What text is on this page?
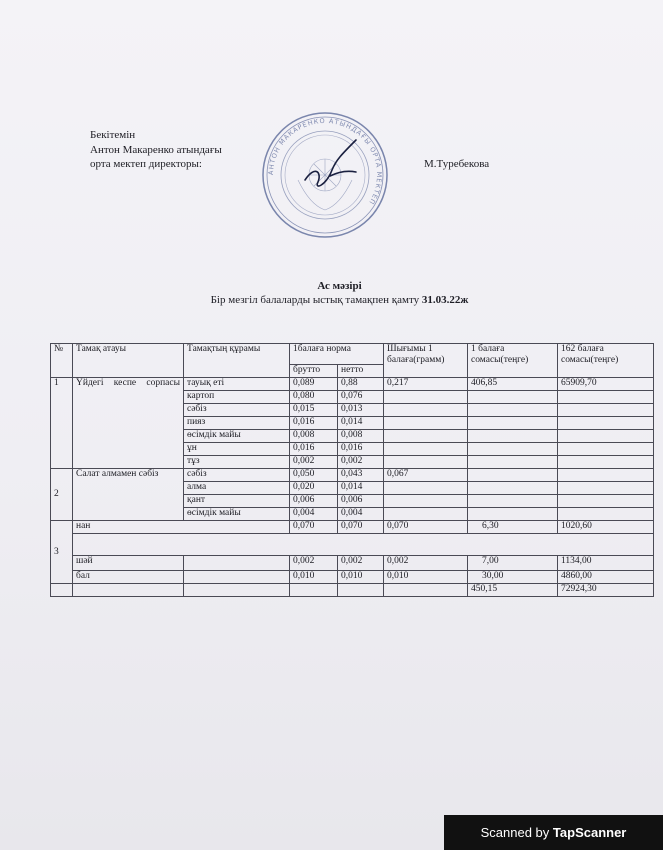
Бекітемін
Антон Макаренко атындағы
орта мектеп директоры:	М.Туребекова
АНТОН МАКАРЕНКО АТЫНДАҒЫ ОРТА МЕКТЕП
Ас мәзірі
Бір мезгіл балаларды ыстық тамақпен қамту 31.03.22ж
№	Тамақ атауы	Тамақтың құрамы	1балаға норма		Шығымы 1 балаға(грамм)	1 балаға сомасы(теңге)	162 балаға сомасы(теңге)
			брутто	нетто			
1	Үйдегі кеспе сорпасы	тауық еті	0,089	0,88	0,217	406,85	65909,70
		картоп	0,080	0,076			
		сәбіз	0,015	0,013			
		пияз	0,016	0,014			
		өсімдік майы	0,008	0,008			
		ұн	0,016	0,016			
		тұз	0,002	0,002			
2	Салат алмамен сәбіз	сәбіз	0,050	0,043	0,067		
		алма	0,020	0,014			
		қант	0,006	0,006			
		өсімдік майы	0,004	0,004			
3	нан		0,070	0,070	0,070	6,30	1020,60

	шәй		0,002	0,002	0,002	7,00	1134,00
	бал		0,010	0,010	0,010	30,00	4860,00
						450,15	72924,30
Scanned by TapScanner
